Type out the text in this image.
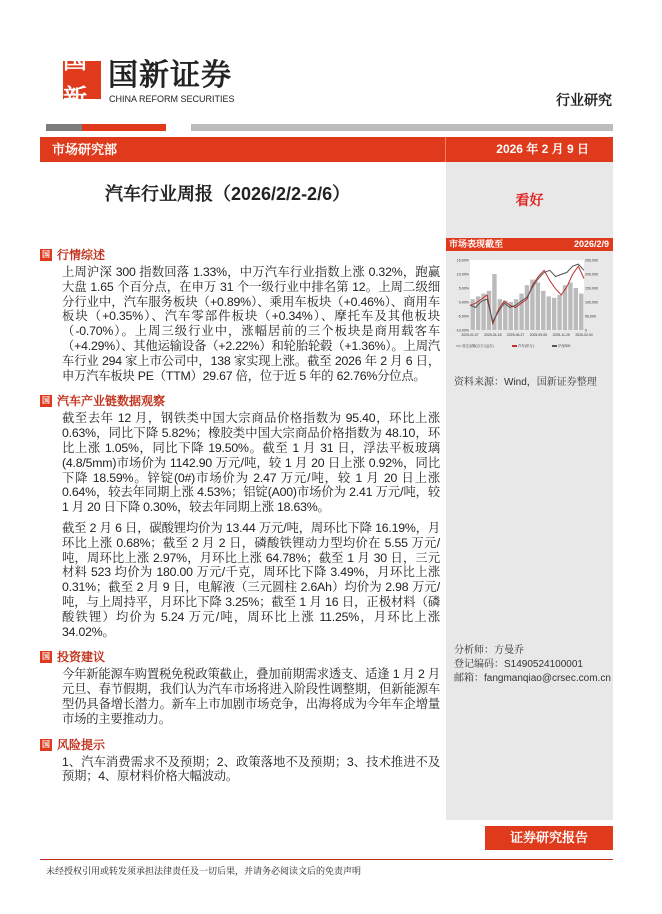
国新
国新证券
CHINA REFORM SECURITIES	行业研究
市场研究部	2026 年 2 月 9 日
看好
汽车行业周报（2026/2/2-2/6）
国 行情综述

上周沪深 300 指数回落 1.33%，中万汽车行业指数上涨 0.32%，跑赢大盘 1.65 个百分点，在申万 31 个一级行业中排名第 12。上周二级细分行业中，汽车服务板块（+0.89%）、乘用车板块（+0.46%）、商用车板块（+0.35%）、汽车零部件板块（+0.34%）、摩托车及其他板块（-0.70%）。上周三级行业中，涨幅居前的三个板块是商用载客车（+4.29%）、其他运输设备（+2.22%）和轮胎轮毂（+1.36%）。上周汽车行业 294 家上市公司中，138 家实现上涨。截至 2026 年 2 月 6 日，申万汽车板块 PE（TTM）29.67 倍，位于近 5 年的 62.76%分位点。

国 汽车产业链数据观察

截至去年 12 月，钢铁类中国大宗商品价格指数为 95.40，环比上涨 0.63%，同比下降 5.82%；橡胶类中国大宗商品价格指数为 48.10，环比上涨 1.05%，同比下降 19.50%。截至 1 月 31 日，浮法平板玻璃(4.8/5mm)市场价为 1142.90 万元/吨，较 1 月 20 日上涨 0.92%，同比下降 18.59%。锌锭(0#)市场价为 2.47 万元/吨，较 1 月 20 日上涨 0.64%，较去年同期上涨 4.53%；铝锭(A00)市场价为 2.41 万元/吨，较 1 月 20 日下降 0.30%，较去年同期上涨 18.63%。

截至 2 月 6 日，碳酸锂均价为 13.44 万元/吨，周环比下降 16.19%，月环比上涨 0.68%；截至 2 月 2 日，磷酸铁锂动力型均价在 5.55 万元/吨，周环比上涨 2.97%，月环比上涨 64.78%；截至 1 月 30 日，三元材料 523 均价为 180.00 万元/千克，周环比下降 3.49%，月环比上涨 0.31%；截至 2 月 9 日，电解液（三元圆柱 2.6Ah）均价为 2.98 万元/吨，与上周持平，月环比下降 3.25%；截至 1 月 16 日，正极材料（磷酸铁锂）均价为 5.24 万元/吨，周环比上涨 11.25%，月环比上涨 34.02%。

国 投资建议

今年新能源车购置税免税政策截止，叠加前期需求透支、适逢 1 月 2 月元旦、春节假期，我们认为汽车市场将进入阶段性调整期，但新能源车型仍具备增长潜力。新车上市加剧市场竞争，出海将成为今年车企增量市场的主要推动力。

国 风险提示

1、汽车消费需求不及预期；2、政策落地不及预期；3、技术推进不及预期；4、原材料价格大幅波动。

市场表现截至	2026/2/9
15.00%
10.00%
5.00%
0.00%
-5.00%
-10.00%
250,000
200,000
150,000
100,000
50,000
0
2025-02-07 2025-04-18 2025-06-27 2025-09-05 2025-11-25 2026-02-04
成交金额(百万元)(右)	汽车(申万)	沪深300
资料来源：Wind，国新证券整理
分析师：方曼乔
登记编码：S1490524100001
邮箱：fangmanqiao@crsec.com.cn
证券研究报告
未经授权引用或转发须承担法律责任及一切后果，并请务必阅读文后的免责声明
